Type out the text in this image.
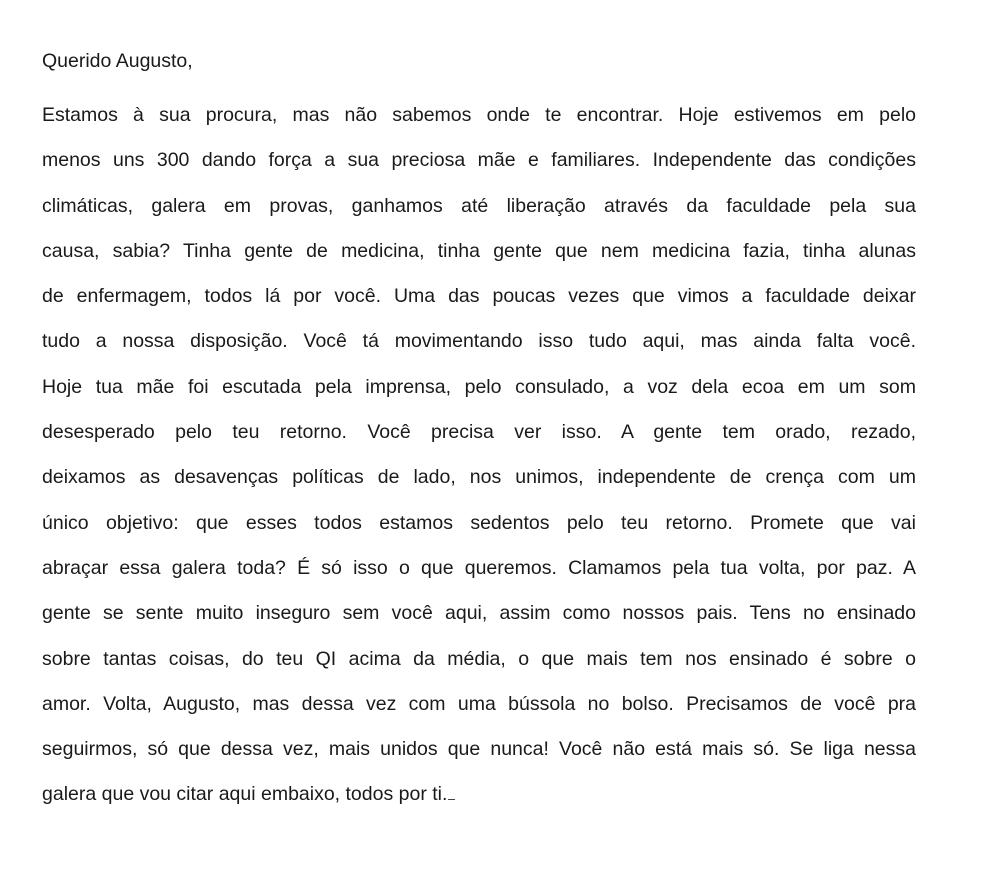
Querido Augusto,

Estamos à sua procura, mas não sabemos onde te encontrar. Hoje estivemos em pelo
menos uns 300 dando força a sua preciosa mãe e familiares. Independente das condições
climáticas, galera em provas, ganhamos até liberação através da faculdade pela sua
causa, sabia? Tinha gente de medicina, tinha gente que nem medicina fazia, tinha alunas
de enfermagem, todos lá por você. Uma das poucas vezes que vimos a faculdade deixar
tudo a nossa disposição. Você tá movimentando isso tudo aqui, mas ainda falta você.
Hoje tua mãe foi escutada pela imprensa, pelo consulado, a voz dela ecoa em um som
desesperado pelo teu retorno. Você precisa ver isso. A gente tem orado, rezado,
deixamos as desavenças políticas de lado, nos unimos, independente de crença com um
único objetivo: que esses todos estamos sedentos pelo teu retorno. Promete que vai
abraçar essa galera toda? É só isso o que queremos. Clamamos pela tua volta, por paz. A
gente se sente muito inseguro sem você aqui, assim como nossos pais. Tens no ensinado
sobre tantas coisas, do teu QI acima da média, o que mais tem nos ensinado é sobre o
amor. Volta, Augusto, mas dessa vez com uma bússola no bolso. Precisamos de você pra
seguirmos, só que dessa vez, mais unidos que nunca! Você não está mais só. Se liga nessa
galera que vou citar aqui embaixo, todos por ti.
